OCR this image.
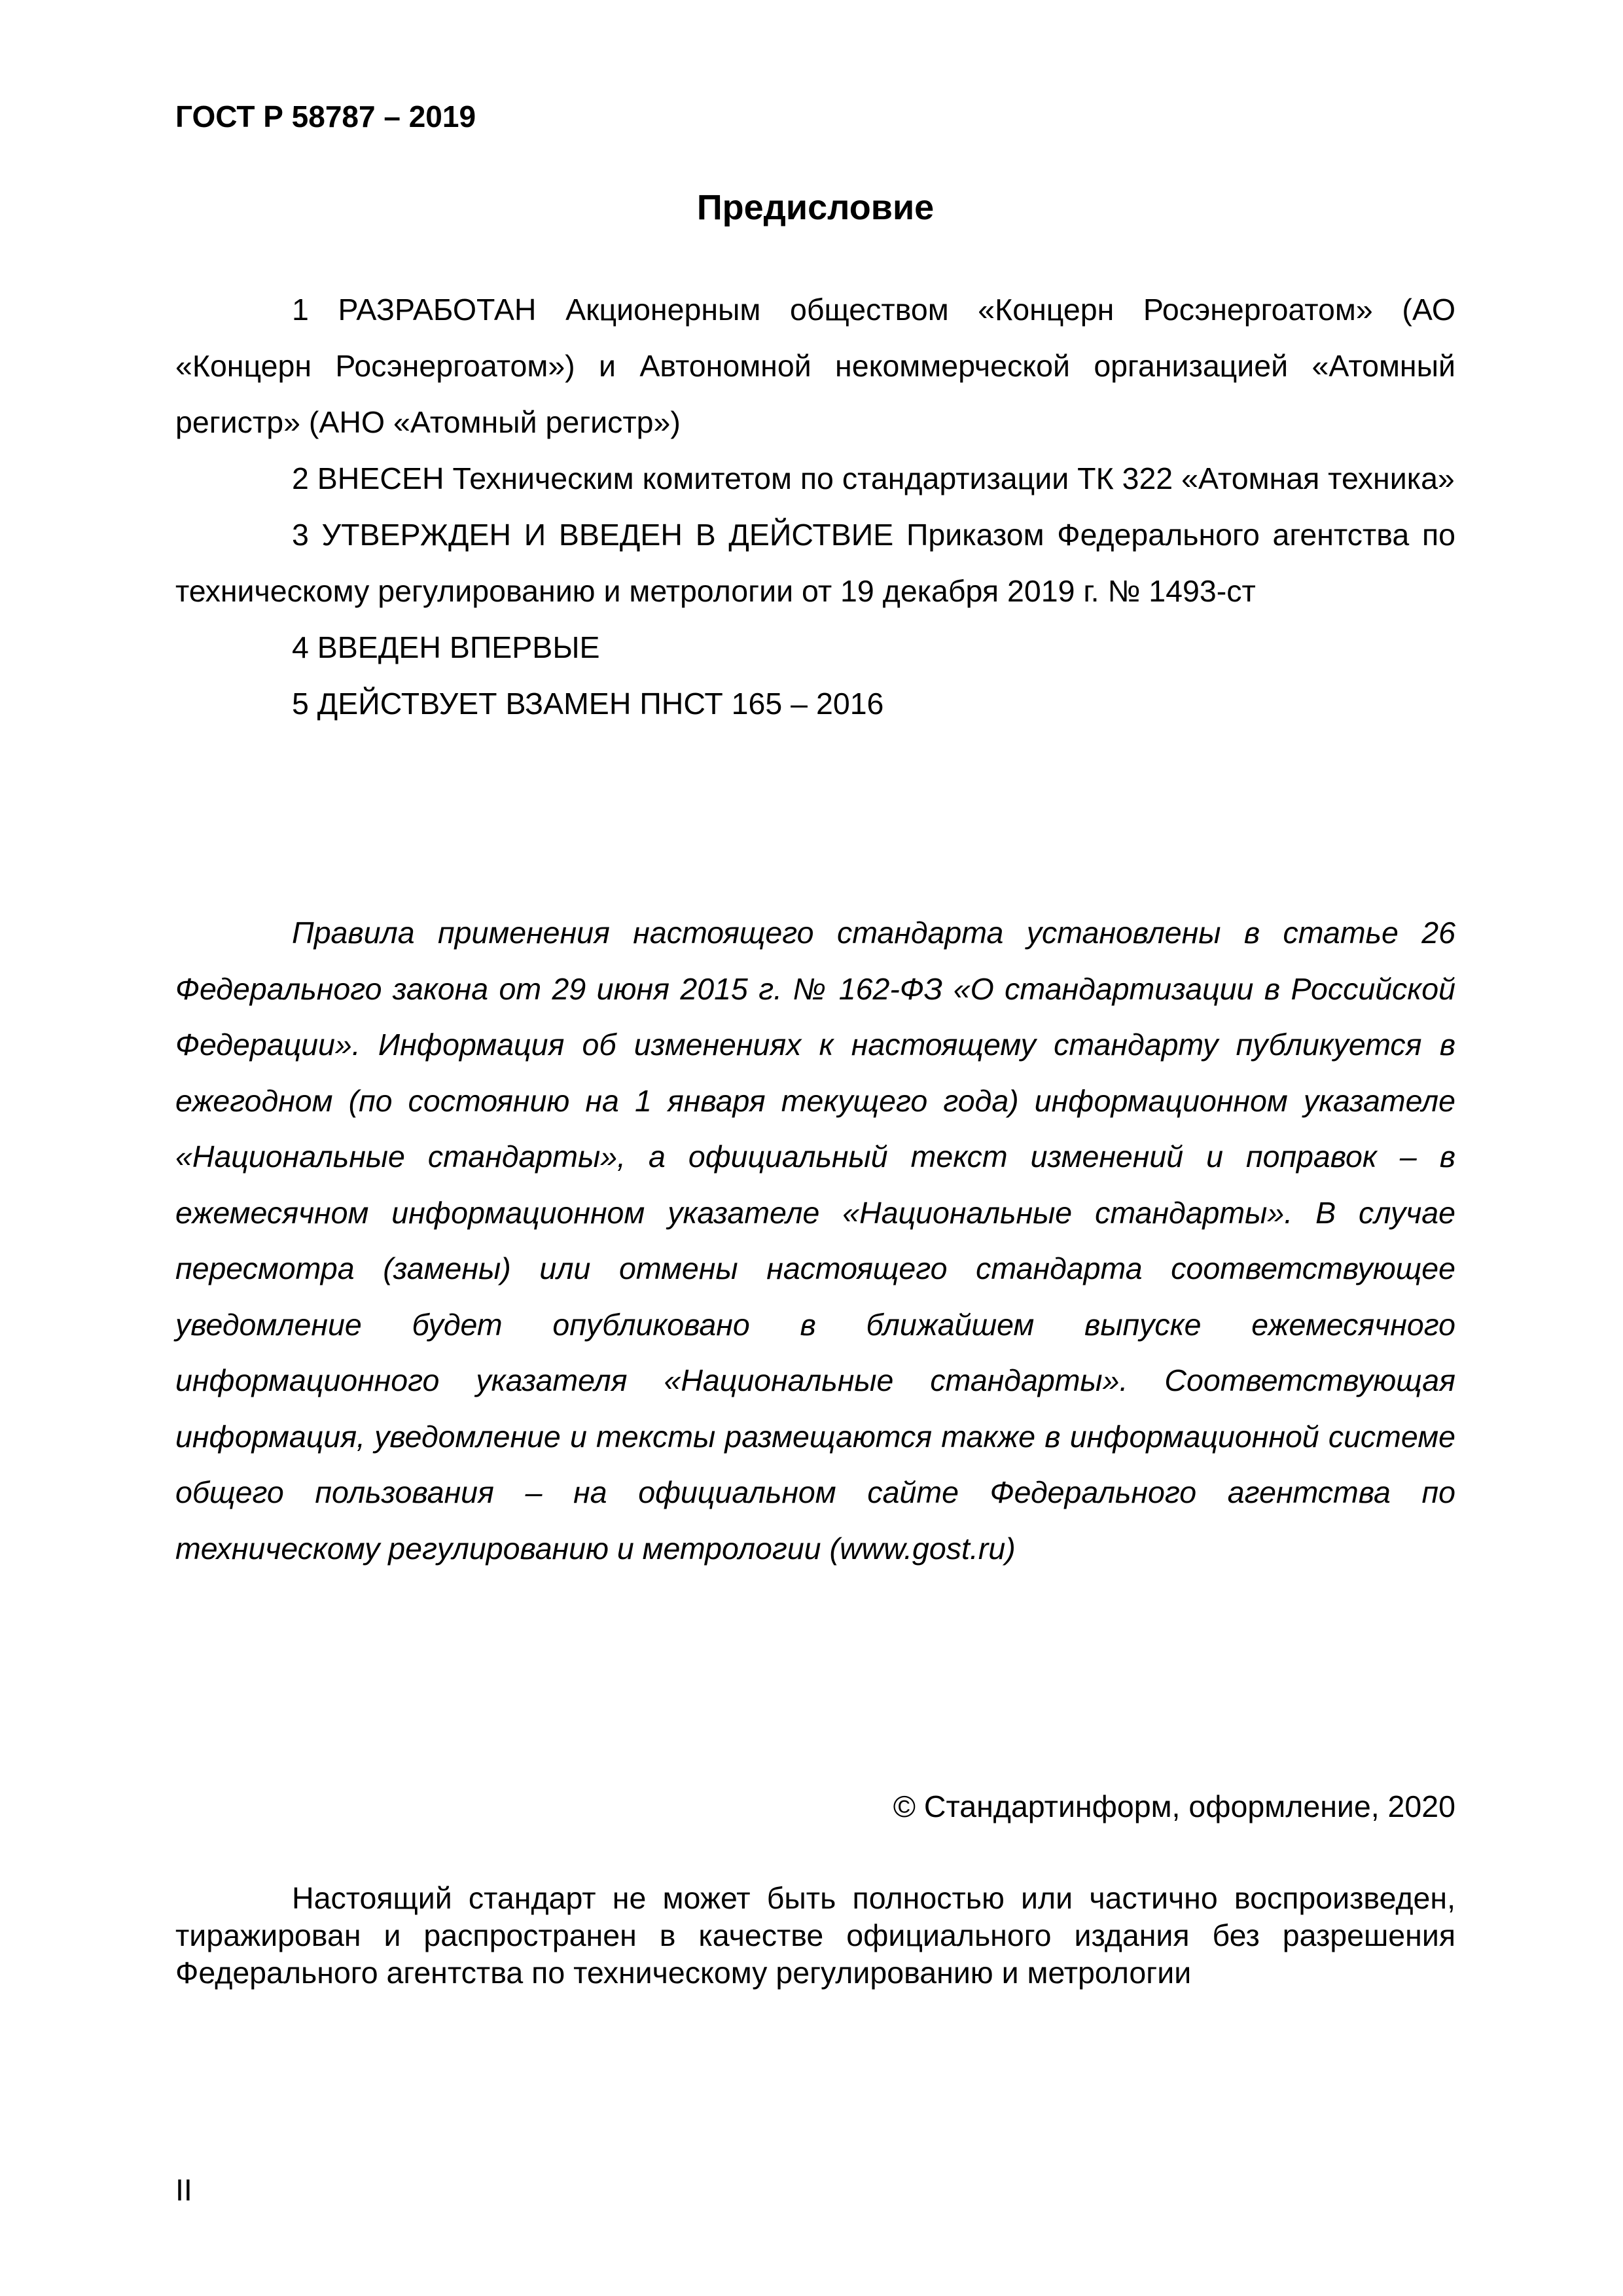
ГОСТ Р 58787 – 2019
Предисловие

1 РАЗРАБОТАН Акционерным обществом «Концерн Росэнергоатом» (АО «Концерн Росэнергоатом») и Автономной некоммерческой организацией «Атомный регистр» (АНО «Атомный регистр»)

2 ВНЕСЕН Техническим комитетом по стандартизации ТК 322 «Атомная техника»

3 УТВЕРЖДЕН И ВВЕДЕН В ДЕЙСТВИЕ Приказом Федерального агентства по техническому регулированию и метрологии от 19 декабря 2019 г. № 1493-ст

4 ВВЕДЕН ВПЕРВЫЕ

5 ДЕЙСТВУЕТ ВЗАМЕН ПНСТ 165 – 2016

Правила применения настоящего стандарта установлены в статье 26 Федерального закона от 29 июня 2015 г. № 162-ФЗ «О стандартизации в Российской Федерации». Информация об изменениях к настоящему стандарту публикуется в ежегодном (по состоянию на 1 января текущего года) информационном указателе «Национальные стандарты», а официальный текст изменений и поправок – в ежемесячном информационном указателе «Национальные стандарты». В случае пересмотра (замены) или отмены настоящего стандарта соответствующее уведомление будет опубликовано в ближайшем выпуске ежемесячного информационного указателя «Национальные стандарты». Соответствующая информация, уведомление и тексты размещаются также в информационной системе общего пользования – на официальном сайте Федерального агентства по техническому регулированию и метрологии (www.gost.ru)

© Стандартинформ, оформление, 2020

Настоящий стандарт не может быть полностью или частично воспроизведен, тиражирован и распространен в качестве официального издания без разрешения Федерального агентства по техническому регулированию и метрологии

II
